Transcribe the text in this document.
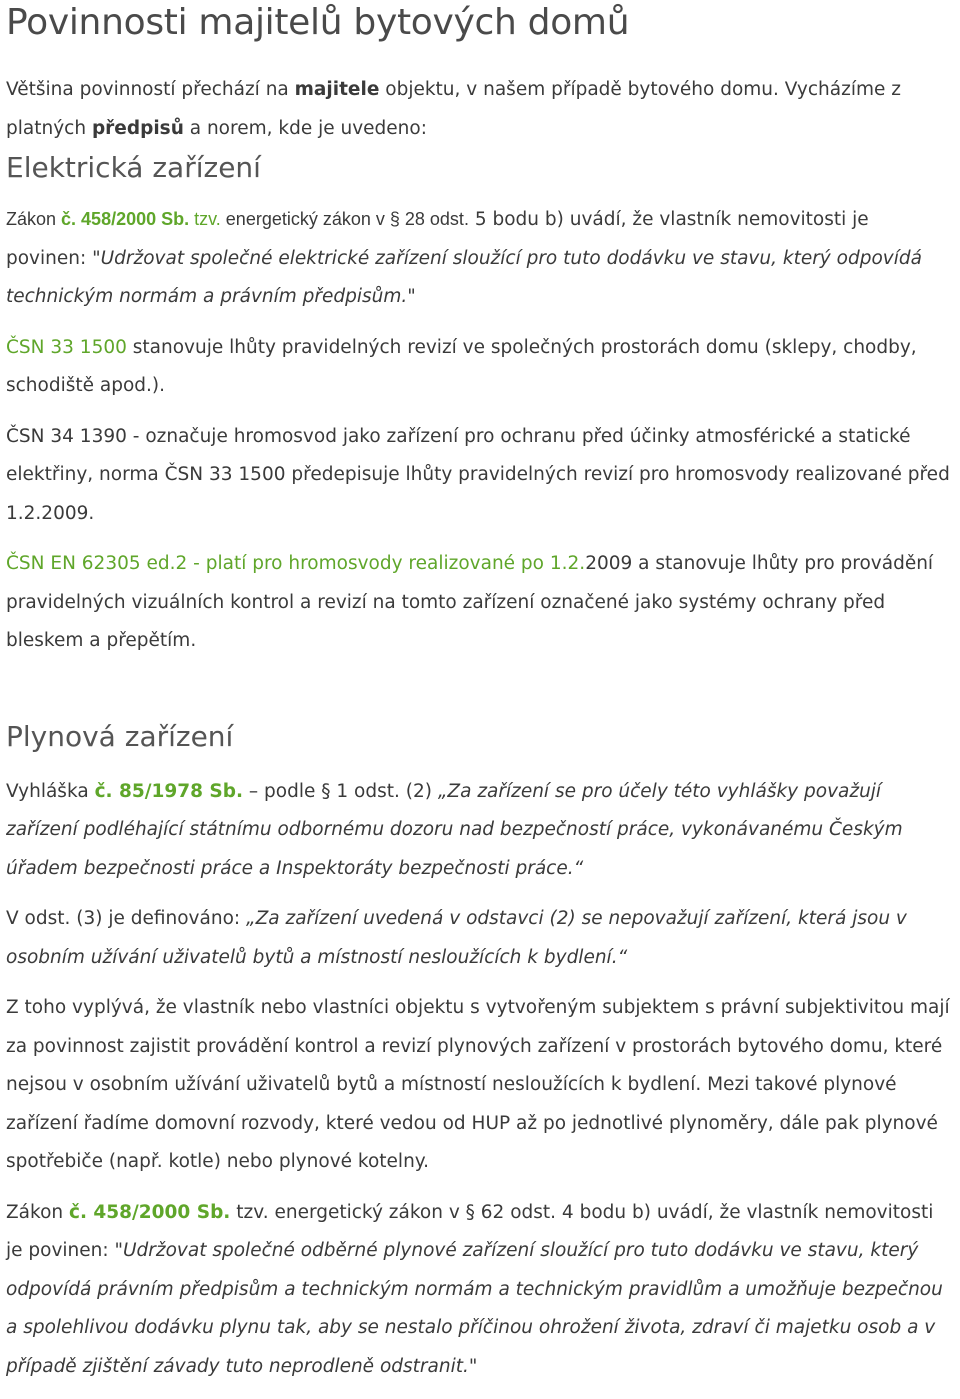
Povinnosti majitelů bytových domů

Většina povinností přechází na majitele objektu, v našem případě bytového domu. Vycházíme z platných předpisů a norem, kde je uvedeno:

Elektrická zařízení

Zákon č. 458/2000 Sb. tzv. energetický zákon v § 28 odst. 5 bodu b) uvádí, že vlastník nemovitosti je povinen: "Udržovat společné elektrické zařízení sloužící pro tuto dodávku ve stavu, který odpovídá technickým normám a právním předpisům."

ČSN 33 1500 stanovuje lhůty pravidelných revizí ve společných prostorách domu (sklepy, chodby, schodiště apod.).

ČSN 34 1390 - označuje hromosvod jako zařízení pro ochranu před účinky atmosférické a statické elektřiny, norma ČSN 33 1500 předepisuje lhůty pravidelných revizí pro hromosvody realizované před 1.2.2009.

ČSN EN 62305 ed.2 - platí pro hromosvody realizované po 1.2.2009 a stanovuje lhůty pro provádění pravidelných vizuálních kontrol a revizí na tomto zařízení označené jako systémy ochrany před bleskem a přepětím.

Plynová zařízení

Vyhláška č. 85/1978 Sb. – podle § 1 odst. (2) „Za zařízení se pro účely této vyhlášky považují zařízení podléhající státnímu odbornému dozoru nad bezpečností práce, vykonávanému Českým úřadem bezpečnosti práce a Inspektoráty bezpečnosti práce.“

V odst. (3) je definováno: „Za zařízení uvedená v odstavci (2) se nepovažují zařízení, která jsou v osobním užívání uživatelů bytů a místností nesloužících k bydlení.“

Z toho vyplývá, že vlastník nebo vlastníci objektu s vytvořeným subjektem s právní subjektivitou mají za povinnost zajistit provádění kontrol a revizí plynových zařízení v prostorách bytového domu, které nejsou v osobním užívání uživatelů bytů a místností nesloužících k bydlení. Mezi takové plynové zařízení řadíme domovní rozvody, které vedou od HUP až po jednotlivé plynoměry, dále pak plynové spotřebiče (např. kotle) nebo plynové kotelny.

Zákon č. 458/2000 Sb. tzv. energetický zákon v § 62 odst. 4 bodu b) uvádí, že vlastník nemovitosti je povinen: "Udržovat společné odběrné plynové zařízení sloužící pro tuto dodávku ve stavu, který odpovídá právním předpisům a technickým normám a technickým pravidlům a umožňuje bezpečnou a spolehlivou dodávku plynu tak, aby se nestalo příčinou ohrožení života, zdraví či majetku osob a v případě zjištění závady tuto neprodleně odstranit."
